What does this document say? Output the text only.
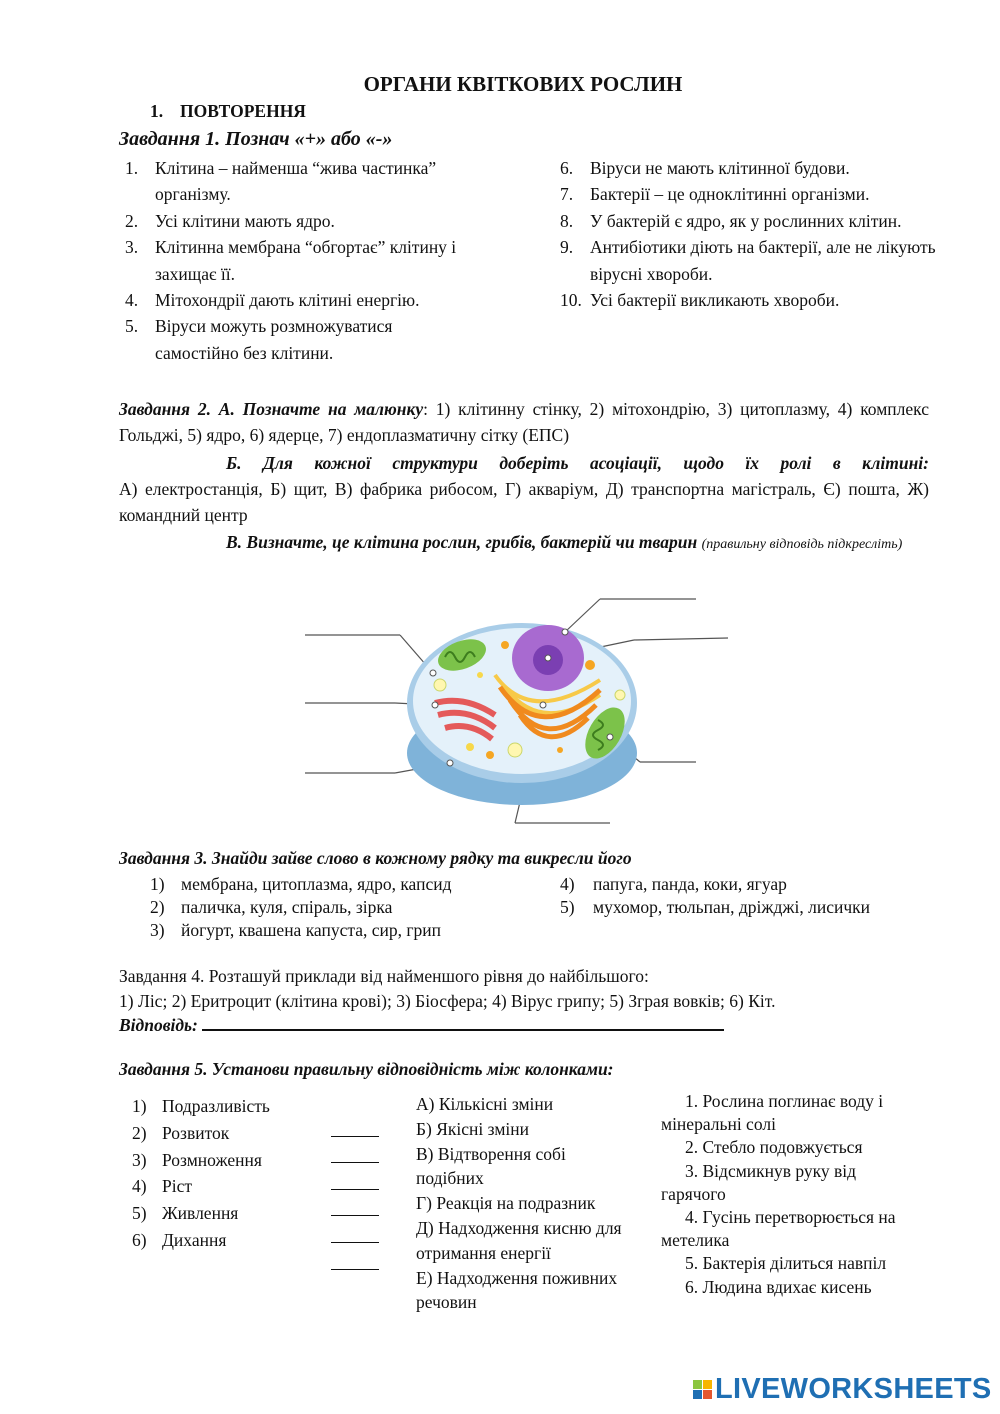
ОРГАНИ КВІТКОВИХ РОСЛИН
1. ПОВТОРЕННЯ
Завдання 1. Познач «+» або «-»
1. Клітина – найменша “жива частинка” організму.
2. Усі клітини мають ядро.
3. Клітинна мембрана “обгортає” клітину і захищає її.
4. Мітохондрії дають клітині енергію.
5. Віруси можуть розмножуватися самостійно без клітини.
6. Віруси не мають клітинної будови.
7. Бактерії – це одноклітинні організми.
8. У бактерій є ядро, як у рослинних клітин.
9. Антибіотики діють на бактерії, але не лікують вірусні хвороби.
10. Усі бактерії викликають хвороби.
Завдання 2. А. Позначте на малюнку: 1) клітинну стінку, 2) мітохондрію, 3) цитоплазму, 4) комплекс Гольджі, 5) ядро, 6) ядерце, 7) ендоплазматичну сітку (ЕПС)
Б. Для кожної структури доберіть асоціації, щодо їх ролі в клітині:
А) електростанція, Б) щит, В) фабрика рибосом, Г) акваріум, Д) транспортна магістраль, Є) пошта, Ж) командний центр
В. Визначте, це клітина рослин, грибів, бактерій чи тварин (правильну відповідь підкресліть)
Завдання 3. Знайди зайве слово в кожному рядку та викресли його
1) мембрана, цитоплазма, ядро, капсид
2) паличка, куля, спіраль, зірка
3) йогурт, квашена капуста, сир, грип
4) папуга, панда, коки, ягуар
5) мухомор, тюльпан, дріжджі, лисички
Завдання 4. Розташуй приклади від найменшого рівня до найбільшого:
1) Ліс; 2) Еритроцит (клітина крові); 3) Біосфера; 4) Вірус грипу; 5) Зграя вовків; 6) Кіт.
Відповідь:
Завдання 5. Установи правильну відповідність між колонками:
1) Подразливість
2) Розвиток
3) Розмноження
4) Ріст
5) Живлення
6) Дихання
А) Кількісні зміни
Б) Якісні зміни
В) Відтворення собі подібних
Г) Реакція на подразник
Д) Надходження кисню для отримання енергії
Е) Надходження поживних речовин
1. Рослина поглинає воду і мінеральні солі
2. Стебло подовжується
3. Відсмикнув руку від гарячого
4. Гусінь перетворюється на метелика
5. Бактерія ділиться навпіл
6. Людина вдихає кисень
LIVEWORKSHEETS
